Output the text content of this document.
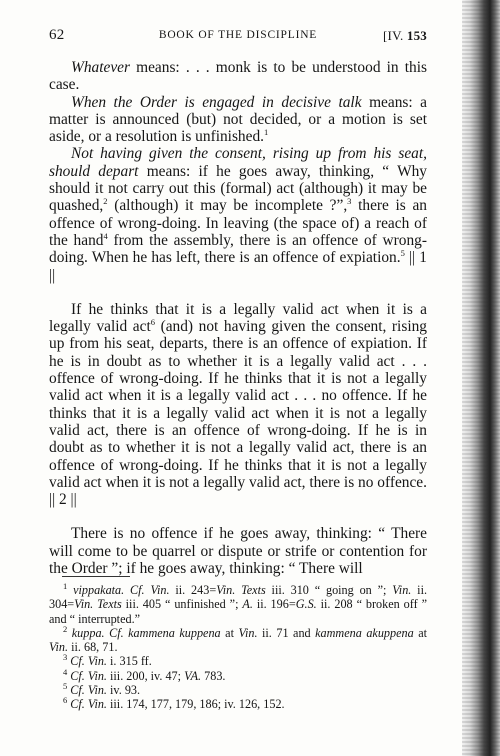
62	BOOK OF THE DISCIPLINE	[IV. 153

Whatever means: . . . monk is to be understood in this case.

When the Order is engaged in decisive talk means: a matter is announced (but) not decided, or a motion is set aside, or a resolution is unfinished.$^1$

Not having given the consent, rising up from his seat, should depart means: if he goes away, thinking, “ Why should it not carry out this (formal) act (although) it may be quashed,$^2$ (although) it may be incomplete ?”,$^3$ there is an offence of wrong-doing. In leaving (the space of) a reach of the hand$^4$ from the assembly, there is an offence of wrong-doing. When he has left, there is an offence of expiation.$^5$ || 1 ||

If he thinks that it is a legally valid act when it is a legally valid act$^6$ (and) not having given the consent, rising up from his seat, departs, there is an offence of expiation. If he is in doubt as to whether it is a legally valid act . . . offence of wrong-doing. If he thinks that it is not a legally valid act when it is a legally valid act . . . no offence. If he thinks that it is a legally valid act when it is not a legally valid act, there is an offence of wrong-doing. If he is in doubt as to whether it is not a legally valid act, there is an offence of wrong-doing. If he thinks that it is not a legally valid act when it is not a legally valid act, there is no offence. || 2 ||

There is no offence if he goes away, thinking: “ There will come to be quarrel or dispute or strife or contention for the Order ”; if he goes away, thinking: “ There will

$^1$ vippakata. Cf. Vin. ii. 243=Vin. Texts iii. 310 “ going on ”; Vin. ii. 304=Vin. Texts iii. 405 “ unfinished ”; A. ii. 196=G.S. ii. 208 “ broken off ” and “ interrupted.”

$^2$ kuppa. Cf. kammena kuppena at Vin. ii. 71 and kammena akuppena at Vin. ii. 68, 71.

$^3$ Cf. Vin. i. 315 ff.

$^4$ Cf. Vin. iii. 200, iv. 47; VA. 783.

$^5$ Cf. Vin. iv. 93.

$^6$ Cf. Vin. iii. 174, 177, 179, 186; iv. 126, 152.
